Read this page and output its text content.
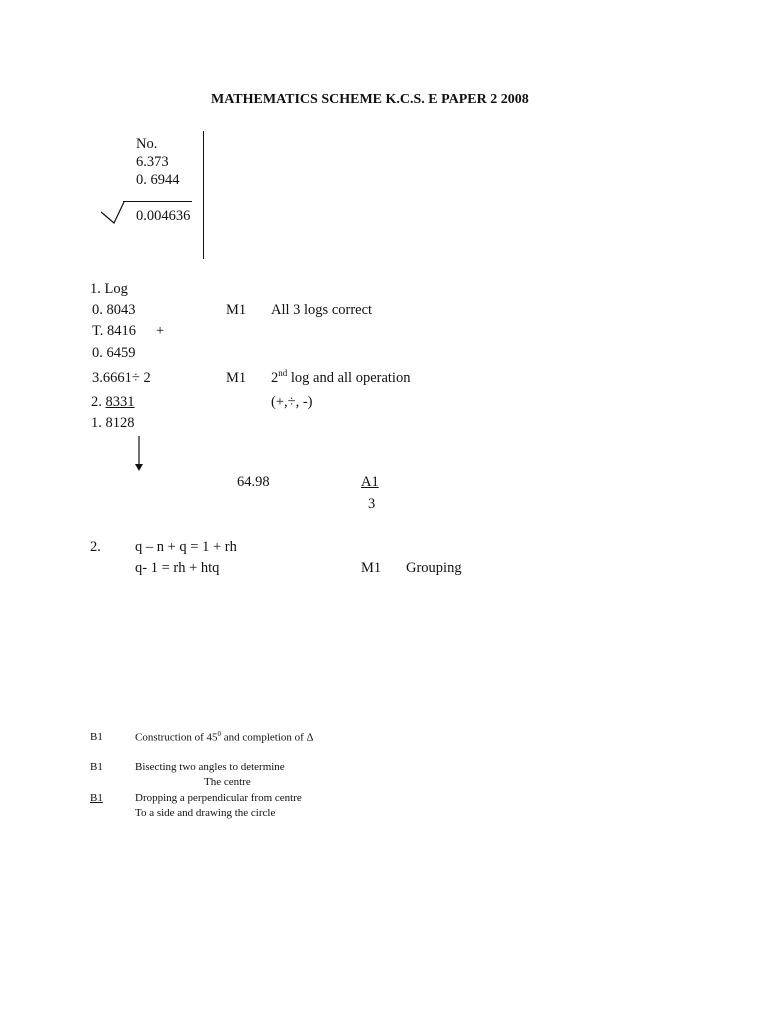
MATHEMATICS SCHEME K.C.S. E PAPER 2 2008
No.
6.373
0. 6944
0.004636
1. Log
0. 8043	M1 All 3 logs correct
T. 8416 +
0. 6459
3.6661÷ 2	M1 2nd log and all operation
2. 8331	(+,÷, -)
1. 8128
64.98	A1
3
2. q – n + q = 1 + rh
q- 1 = rh + htq	M1 Grouping
B1	Construction of $45^0$ and completion of Δ
B1	Bisecting two angles to determine
The centre
B1	Dropping a perpendicular from centre
To a side and drawing the circle
